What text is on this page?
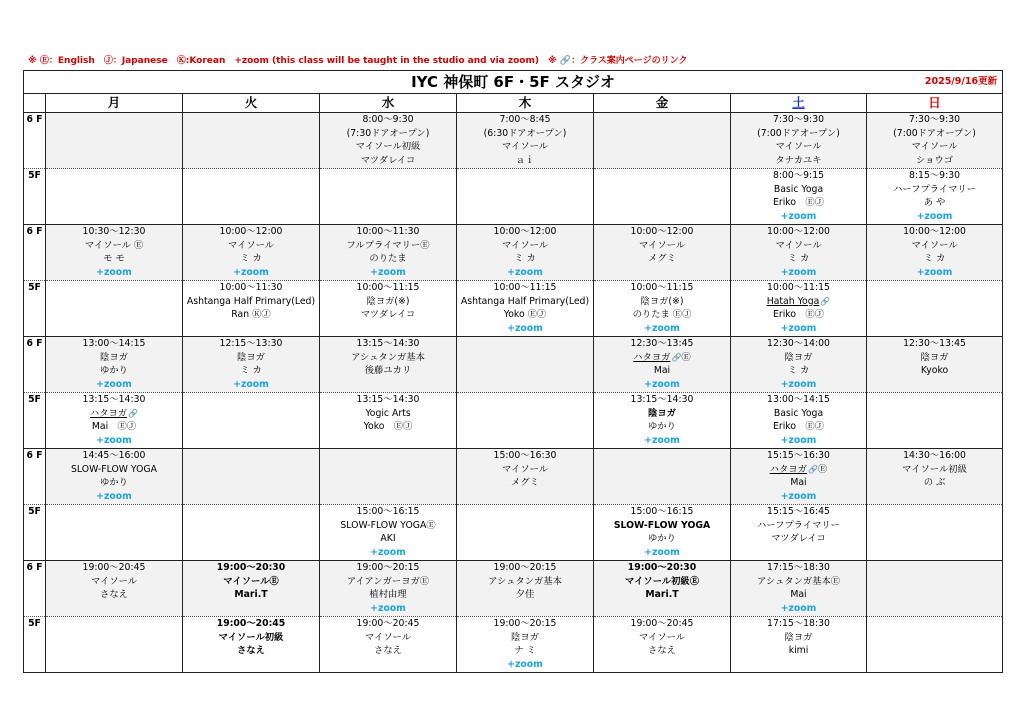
※ Ⓔ：English　Ⓙ：Japanese　Ⓚ:Korean　+zoom (this class will be taught in the studio and via zoom)　※ 🔗：クラス案内ページのリンク
IYC 神保町 6F・5F スタジオ 2025/9/16更新							

	月	火	水	木	金	土	日
6 F			8:00～9:30
(7:30ドアオープン)
マイソール初級
マツダレイコ	7:00～8:45
(6:30ドアオープン)
マイソール
ａｉ		7:30～9:30
(7:00ドアオープン)
マイソール
タナカユキ	7:30～9:30
(7:00ドアオープン)
マイソール
ショウゴ

5F						8:00～9:15
Basic Yoga
Eriko　ⒺⒿ
+zoom	8:15～9:30
ハーフプライマリー
あ や
+zoom

6 F	10:30～12:30
マイソール Ⓔ
モ モ
+zoom	10:00～12:00
マイソール
ミ カ
+zoom	10:00～11:30
フルプライマリーⒺ
のりたま
+zoom	10:00～12:00
マイソール
ミ カ
+zoom	10:00～12:00
マイソール
メグミ	10:00～12:00
マイソール
ミ カ
+zoom	10:00～12:00
マイソール
ミ カ
+zoom

5F		10:00～11:30
Ashtanga Half Primary(Led)
Ran ⓀⒿ	10:00～11:15
陰ヨガ(※)
マツダレイコ	10:00～11:15
Ashtanga Half Primary(Led)
Yoko ⒺⒿ
+zoom	10:00～11:15
陰ヨガ(※)
のりたま ⒺⒿ
+zoom	10:00～11:15
Hatah Yoga🔗
Eriko　ⒺⒿ
+zoom	

6 F	13:00～14:15
陰ヨガ
ゆかり
+zoom	12:15～13:30
陰ヨガ
ミ カ
+zoom	13:15～14:30
アシュタンガ基本
後藤ユカリ		12:30～13:45
ハタヨガ🔗Ⓔ
Mai
+zoom	12:30～14:00
陰ヨガ
ミ カ
+zoom	12:30～13:45
陰ヨガ
Kyoko

5F	13:15～14:30
ハタヨガ🔗
Mai　ⒺⒿ
+zoom		13:15～14:30
Yogic Arts
Yoko　ⒺⒿ		13:15～14:30
陰ヨガ
ゆかり
+zoom	13:00～14:15
Basic Yoga
Eriko　ⒺⒿ
+zoom	

6 F	14:45～16:00
SLOW-FLOW YOGA
ゆかり
+zoom			15:00～16:30
マイソール
メグミ		15:15～16:30
ハタヨガ🔗Ⓔ
Mai
+zoom	14:30～16:00
マイソール初級
の ぶ

5F			15:00～16:15
SLOW-FLOW YOGAⒺ
AKI
+zoom		15:00～16:15
SLOW-FLOW YOGA
ゆかり
+zoom	15:15～16:45
ハーフプライマリー
マツダレイコ	

6 F	19:00～20:45
マイソール
さなえ	19:00～20:30
マイソールⒺ
Mari.T	19:00～20:15
アイアンガーヨガⒺ
植村由理
+zoom	19:00～20:15
アシュタンガ基本
夕佳	19:00～20:30
マイソール初級Ⓔ
Mari.T	17:15～18:30
アシュタンガ基本Ⓔ
Mai
+zoom	

5F		19:00～20:45
マイソール初級
さなえ	19:00～20:45
マイソール
さなえ	19:00～20:15
陰ヨガ
ナ ミ
+zoom	19:00～20:45
マイソール
さなえ	17:15～18:30
陰ヨガ
kimi	
